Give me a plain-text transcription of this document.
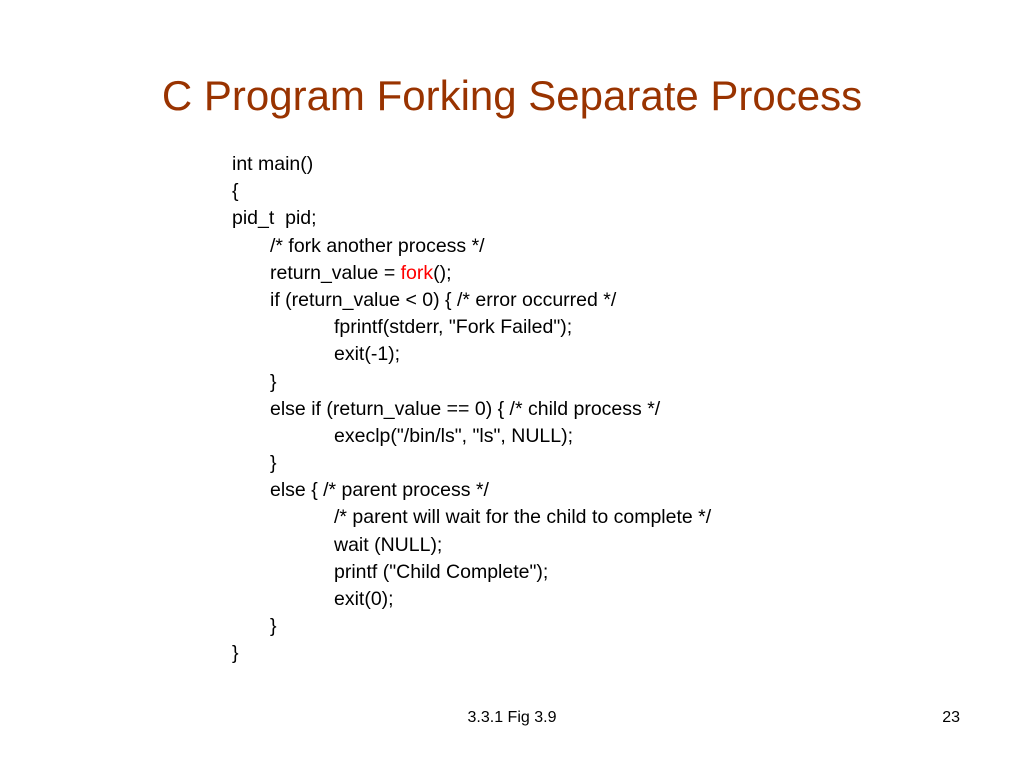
C Program Forking Separate Process
int main()
{
pid_t  pid;
/* fork another process */
return_value = fork();
if (return_value < 0) { /* error occurred */
fprintf(stderr, "Fork Failed");
exit(-1);
}
else if (return_value == 0) { /* child process */
execlp("/bin/ls", "ls", NULL);
}
else { /* parent process */
/* parent will wait for the child to complete */
wait (NULL);
printf ("Child Complete");
exit(0);
}
}
3.3.1 Fig 3.9	23
